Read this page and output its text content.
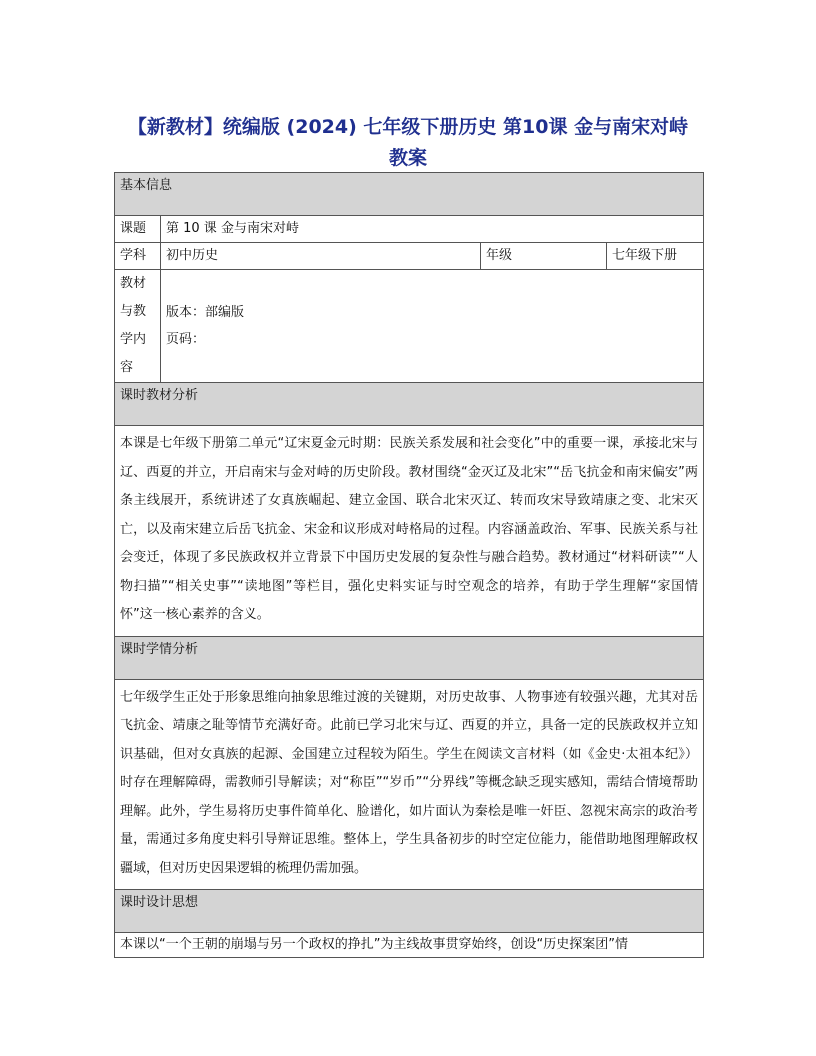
【新教材】统编版 (2024) 七年级下册历史 第10课 金与南宋对峙
教案
基本信息			
课题	第 10 课 金与南宋对峙		
学科	初中历史	年级	七年级下册
教材与教学内容	版本：部编版
页码：		

课时教材分析			
本课是七年级下册第二单元“辽宋夏金元时期：民族关系发展和社会变化”中的重要一课，承接北宋与辽、西夏的并立，开启南宋与金对峙的历史阶段。教材围绕“金灭辽及北宋”“岳飞抗金和南宋偏安”两条主线展开，系统讲述了女真族崛起、建立金国、联合北宋灭辽、转而攻宋导致靖康之变、北宋灭亡，以及南宋建立后岳飞抗金、宋金和议形成对峙格局的过程。内容涵盖政治、军事、民族关系与社会变迁，体现了多民族政权并立背景下中国历史发展的复杂性与融合趋势。教材通过“材料研读”“人物扫描”“相关史事”“读地图”等栏目，强化史料实证与时空观念的培养，有助于学生理解“家国情怀”这一核心素养的含义。			
课时学情分析			
七年级学生正处于形象思维向抽象思维过渡的关键期，对历史故事、人物事迹有较强兴趣，尤其对岳飞抗金、靖康之耻等情节充满好奇。此前已学习北宋与辽、西夏的并立，具备一定的民族政权并立知识基础，但对女真族的起源、金国建立过程较为陌生。学生在阅读文言材料（如《金史·太祖本纪》）时存在理解障碍，需教师引导解读；对“称臣”“岁币”“分界线”等概念缺乏现实感知，需结合情境帮助理解。此外，学生易将历史事件简单化、脸谱化，如片面认为秦桧是唯一奸臣、忽视宋高宗的政治考量，需通过多角度史料引导辩证思维。整体上，学生具备初步的时空定位能力，能借助地图理解政权疆域，但对历史因果逻辑的梳理仍需加强。			
课时设计思想			

本课以“一个王朝的崩塌与另一个政权的挣扎”为主线故事贯穿始终，创设“历史探案团”情			
